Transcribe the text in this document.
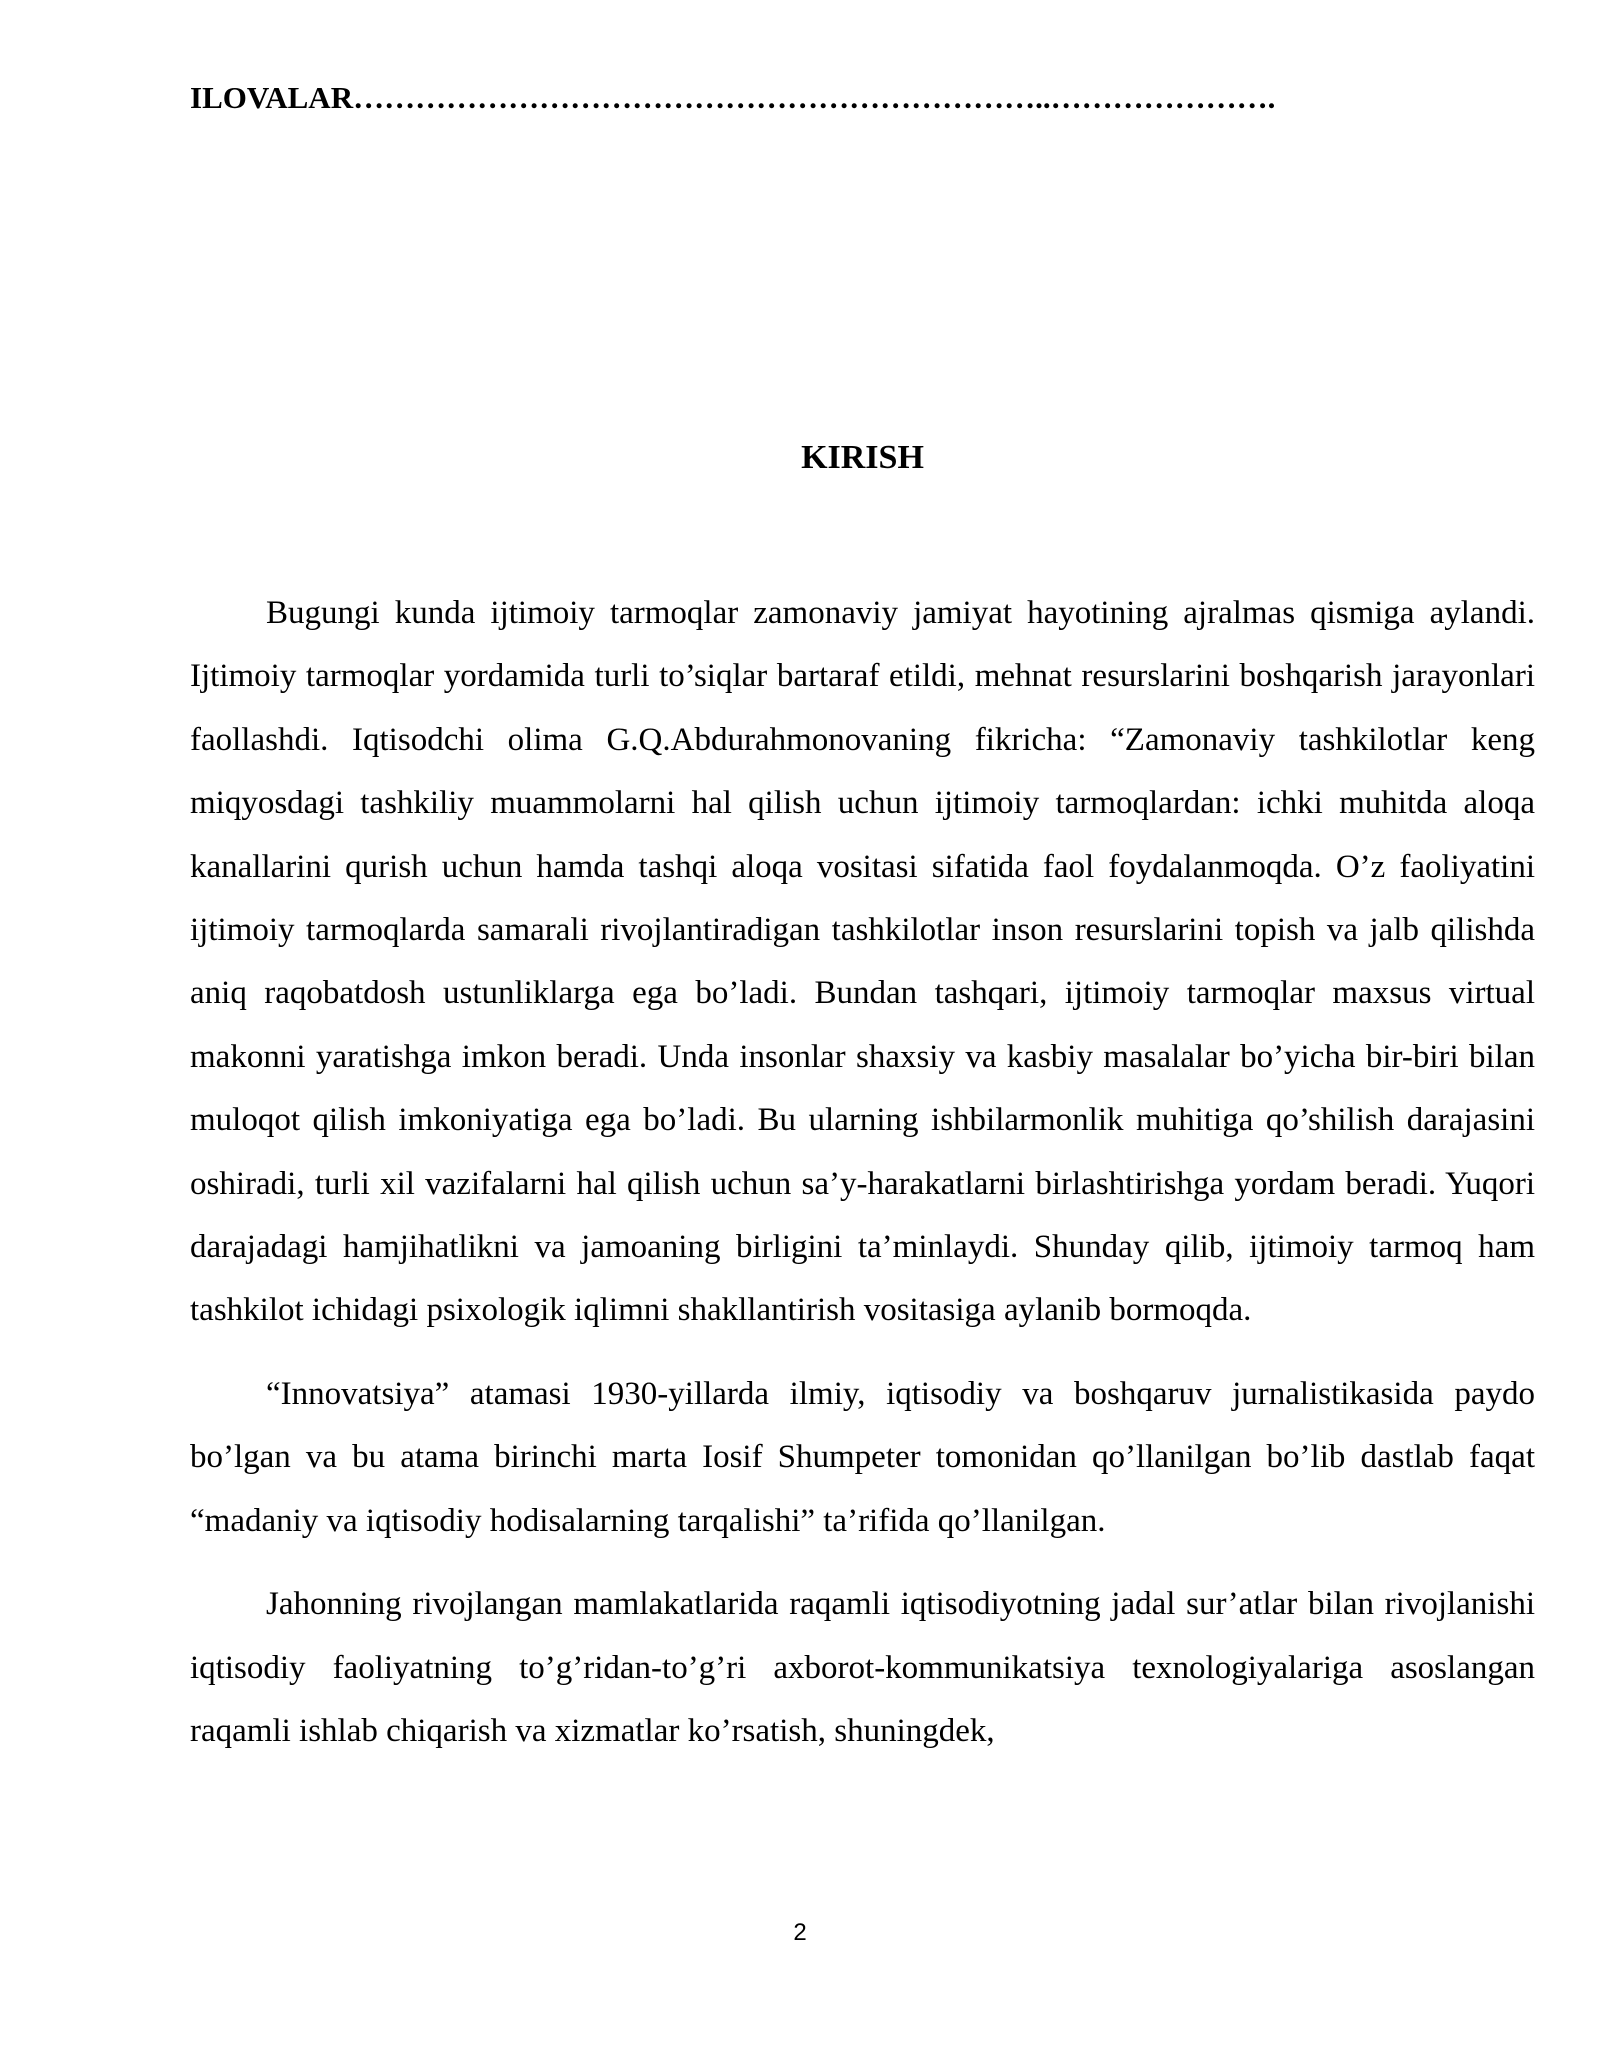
ILOVALAR…………………………………………………………..………………….
KIRISH

Bugungi kunda ijtimoiy tarmoqlar zamonaviy jamiyat hayotining ajralmas qismiga aylandi. Ijtimoiy tarmoqlar yordamida turli to’siqlar bartaraf etildi, mehnat resurslarini boshqarish jarayonlari faollashdi. Iqtisodchi olima G.Q.Abdurahmonovaning fikricha: “Zamonaviy tashkilotlar keng miqyosdagi tashkiliy muammolarni hal qilish uchun ijtimoiy tarmoqlardan: ichki muhitda aloqa kanallarini qurish uchun hamda tashqi aloqa vositasi sifatida faol foydalanmoqda. O’z faoliyatini ijtimoiy tarmoqlarda samarali rivojlantiradigan tashkilotlar inson resurslarini topish va jalb qilishda aniq raqobatdosh ustunliklarga ega bo’ladi. Bundan tashqari, ijtimoiy tarmoqlar maxsus virtual makonni yaratishga imkon beradi. Unda insonlar shaxsiy va kasbiy masalalar bo’yicha bir-biri bilan muloqot qilish imkoniyatiga ega bo’ladi. Bu ularning ishbilarmonlik muhitiga qo’shilish darajasini oshiradi, turli xil vazifalarni hal qilish uchun sa’y-harakatlarni birlashtirishga yordam beradi. Yuqori darajadagi hamjihatlikni va jamoaning birligini ta’minlaydi. Shunday qilib, ijtimoiy tarmoq ham tashkilot ichidagi psixologik iqlimni shakllantirish vositasiga aylanib bormoqda.

“Innovatsiya” atamasi 1930-yillarda ilmiy, iqtisodiy va boshqaruv jurnalistikasida paydo bo’lgan va bu atama birinchi marta Iosif Shumpeter tomonidan qo’llanilgan bo’lib dastlab faqat “madaniy va iqtisodiy hodisalarning tarqalishi” ta’rifida qo’llanilgan.

Jahonning rivojlangan mamlakatlarida raqamli iqtisodiyotning jadal sur’atlar bilan rivojlanishi iqtisodiy faoliyatning to’g’ridan-to’g’ri axborot-kommunikatsiya texnologiyalariga asoslangan raqamli ishlab chiqarish va xizmatlar ko’rsatish, shuningdek,

2
